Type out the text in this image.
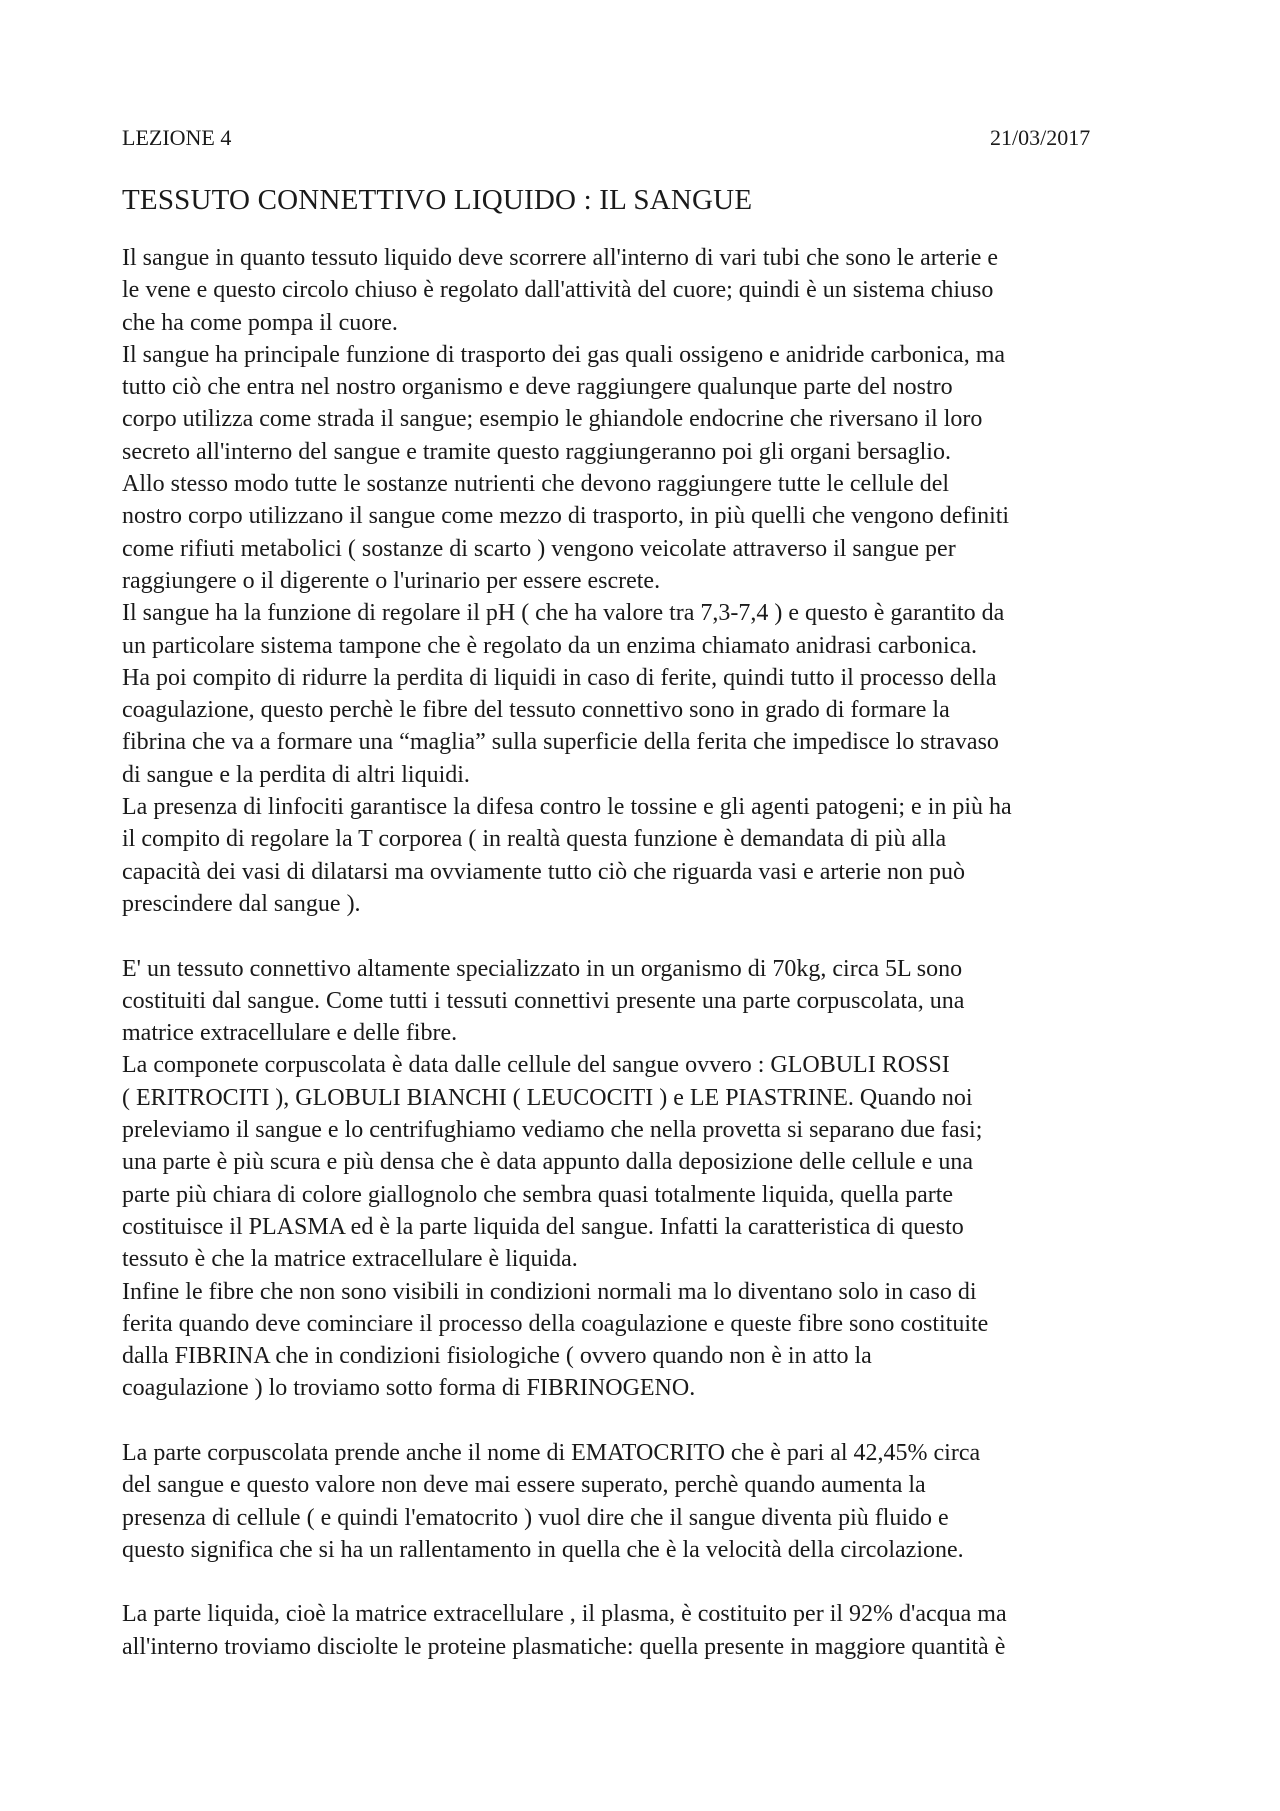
LEZIONE 4	21/03/2017
TESSUTO CONNETTIVO LIQUIDO : IL SANGUE

Il sangue in quanto tessuto liquido deve scorrere all'interno di vari tubi che sono le arterie e
le vene e questo circolo chiuso è regolato dall'attività del cuore; quindi è un sistema chiuso
che ha come pompa il cuore.

Il sangue ha principale funzione di trasporto dei gas quali ossigeno e anidride carbonica, ma
tutto ciò che entra nel nostro organismo e deve raggiungere qualunque parte del nostro
corpo utilizza come strada il sangue; esempio le ghiandole endocrine che riversano il loro
secreto all'interno del sangue e tramite questo raggiungeranno poi gli organi bersaglio.

Allo stesso modo tutte le sostanze nutrienti che devono raggiungere tutte le cellule del
nostro corpo utilizzano il sangue come mezzo di trasporto, in più quelli che vengono definiti
come rifiuti metabolici ( sostanze di scarto ) vengono veicolate attraverso il sangue per
raggiungere o il digerente o l'urinario per essere escrete.

Il sangue ha la funzione di regolare il pH ( che ha valore tra 7,3-7,4 ) e questo è garantito da
un particolare sistema tampone che è regolato da un enzima chiamato anidrasi carbonica.

Ha poi compito di ridurre la perdita di liquidi in caso di ferite, quindi tutto il processo della
coagulazione, questo perchè le fibre del tessuto connettivo sono in grado di formare la
fibrina che va a formare una “maglia” sulla superficie della ferita che impedisce lo stravaso
di sangue e la perdita di altri liquidi.

La presenza di linfociti garantisce la difesa contro le tossine e gli agenti patogeni; e in più ha
il compito di regolare la T corporea ( in realtà questa funzione è demandata di più alla
capacità dei vasi di dilatarsi ma ovviamente tutto ciò che riguarda vasi e arterie non può
prescindere dal sangue ).

E' un tessuto connettivo altamente specializzato in un organismo di 70kg, circa 5L sono
costituiti dal sangue. Come tutti i tessuti connettivi presente una parte corpuscolata, una
matrice extracellulare e delle fibre.

La componete corpuscolata è data dalle cellule del sangue ovvero : GLOBULI ROSSI
( ERITROCITI ), GLOBULI BIANCHI ( LEUCOCITI ) e LE PIASTRINE. Quando noi
preleviamo il sangue e lo centrifughiamo vediamo che nella provetta si separano due fasi;
una parte è più scura e più densa che è data appunto dalla deposizione delle cellule e una
parte più chiara di colore giallognolo che sembra quasi totalmente liquida, quella parte
costituisce il PLASMA ed è la parte liquida del sangue. Infatti la caratteristica di questo
tessuto è che la matrice extracellulare è liquida.

Infine le fibre che non sono visibili in condizioni normali ma lo diventano solo in caso di
ferita quando deve cominciare il processo della coagulazione e queste fibre sono costituite
dalla FIBRINA che in condizioni fisiologiche ( ovvero quando non è in atto la
coagulazione ) lo troviamo sotto forma di FIBRINOGENO.

La parte corpuscolata prende anche il nome di EMATOCRITO che è pari al 42,45% circa
del sangue e questo valore non deve mai essere superato, perchè quando aumenta la
presenza di cellule ( e quindi l'ematocrito ) vuol dire che il sangue diventa più fluido e
questo significa che si ha un rallentamento in quella che è la velocità della circolazione.

La parte liquida, cioè la matrice extracellulare , il plasma, è costituito per il 92% d'acqua ma
all'interno troviamo disciolte le proteine plasmatiche: quella presente in maggiore quantità è
